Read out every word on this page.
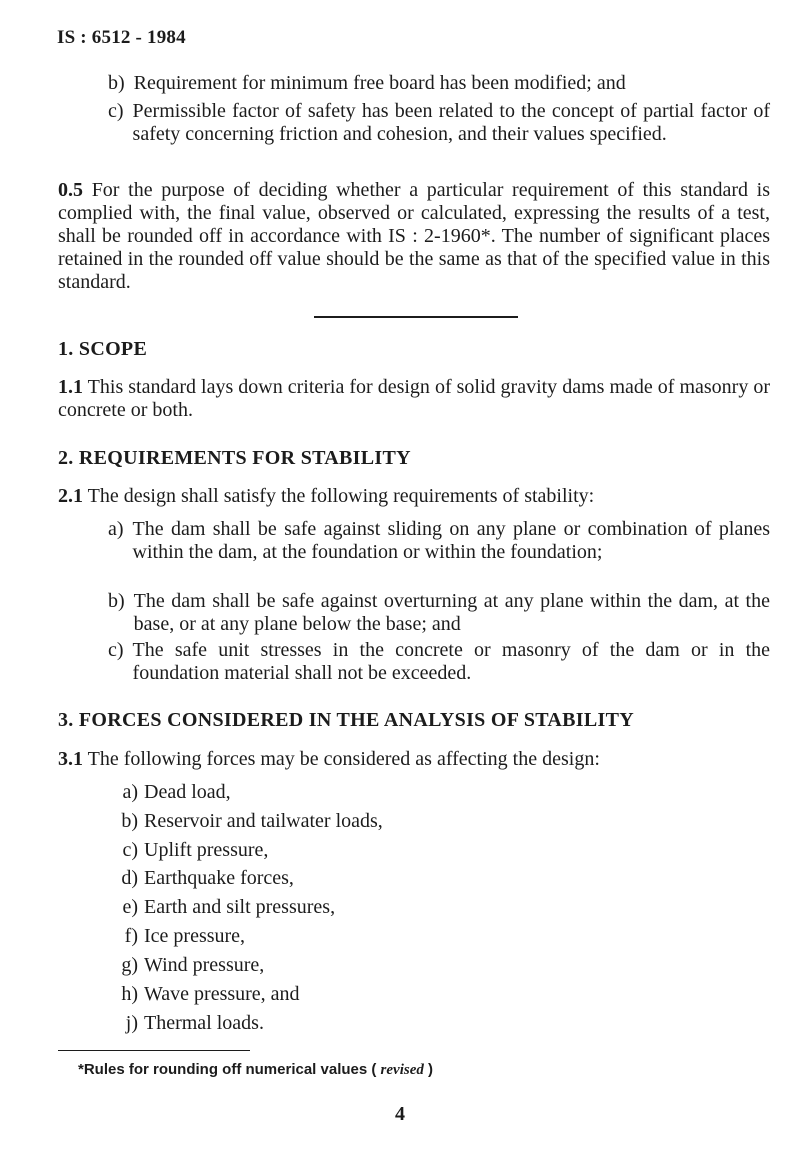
IS : 6512 - 1984
b) Requirement for minimum free board has been modified; and
c) Permissible factor of safety has been related to the concept of partial factor of safety concerning friction and cohesion, and their values specified.
0.5 For the purpose of deciding whether a particular requirement of this standard is complied with, the final value, observed or calculated, expressing the results of a test, shall be rounded off in accordance with IS : 2-1960*. The number of significant places retained in the rounded off value should be the same as that of the specified value in this standard.
1. SCOPE
1.1 This standard lays down criteria for design of solid gravity dams made of masonry or concrete or both.
2. REQUIREMENTS FOR STABILITY
2.1 The design shall satisfy the following requirements of stability:
a) The dam shall be safe against sliding on any plane or combination of planes within the dam, at the foundation or within the foundation;
b) The dam shall be safe against overturning at any plane within the dam, at the base, or at any plane below the base; and
c) The safe unit stresses in the concrete or masonry of the dam or in the foundation material shall not be exceeded.
3. FORCES CONSIDERED IN THE ANALYSIS OF STABILITY
3.1 The following forces may be considered as affecting the design:
a) Dead load,
b) Reservoir and tailwater loads,
c) Uplift pressure,
d) Earthquake forces,
e) Earth and silt pressures,
f) Ice pressure,
g) Wind pressure,
h) Wave pressure, and
j) Thermal loads.
*Rules for rounding off numerical values ( revised )
4
